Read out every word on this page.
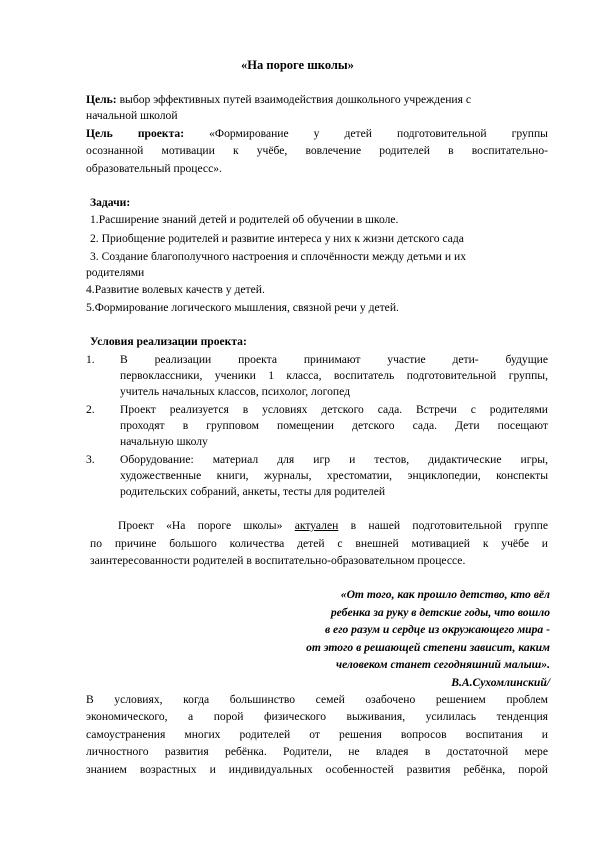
«На пороге школы»
Цель: выбор эффективных путей взаимодействия дошкольного учреждения с
начальной школой
Цель проекта: «Формирование у детей подготовительной группы
осознанной мотивации к учёбе, вовлечение родителей в воспитательно-
образовательный процесс».
Задачи:
1.Расширение знаний детей и родителей об обучении в школе.
2. Приобщение родителей и развитие интереса у них к жизни детского сада
3. Создание благополучного настроения и сплочённости между детьми и их
родителями
4.Развитие волевых качеств у детей.
5.Формирование логического мышления, связной речи у детей.
Условия реализации проекта:
1. В реализации проекта принимают участие дети- будущие
первоклассники, ученики 1 класса, воспитатель подготовительной группы,
учитель начальных классов, психолог, логопед
2. Проект реализуется в условиях детского сада. Встречи с родителями
проходят в групповом помещении детского сада. Дети посещают
начальную школу
3. Оборудование: материал для игр и тестов, дидактические игры,
художественные книги, журналы, хрестоматии, энциклопедии, конспекты
родительских собраний, анкеты, тесты для родителей
Проект «На пороге школы» актуален в нашей подготовительной группе
по причине большого количества детей с внешней мотивацией к учёбе и
заинтересованности родителей в воспитательно-образовательном процессе.
«От того, как прошло детство, кто вёл
ребенка за руку в детские годы, что вошло
в его разум и сердце из окружающего мира -
от этого в решающей степени зависит, каким
человеком станет сегодняшний малыш».
В.А.Сухомлинский/
В условиях, когда большинство семей озабочено решением проблем
экономического, а порой физического выживания, усилилась тенденция
самоустранения многих родителей от решения вопросов воспитания и
личностного развития ребёнка. Родители, не владея в достаточной мере
знанием возрастных и индивидуальных особенностей развития ребёнка, порой
